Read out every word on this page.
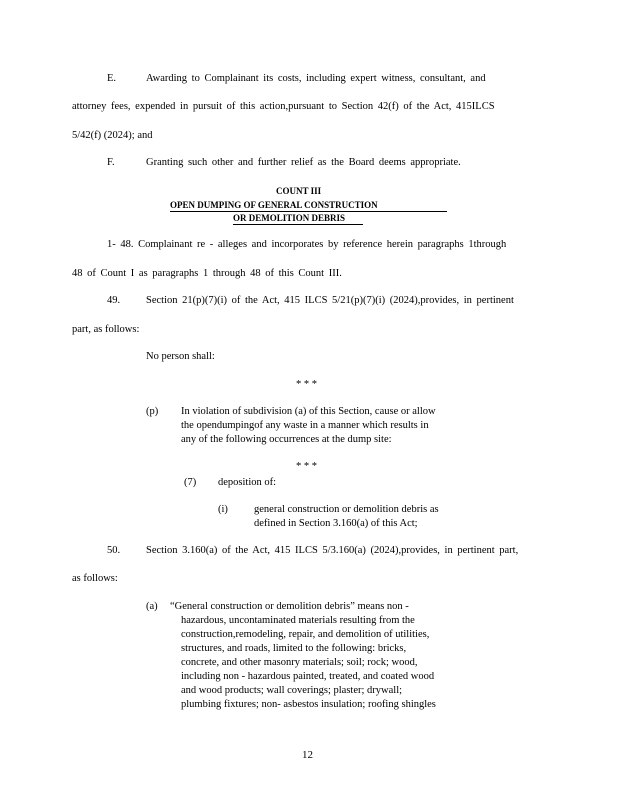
E.	Awarding to Complainant its costs, including expert witness, consultant, and
attorney fees, expended in pursuit of this action,pursuant to Section 42(f) of the Act, 415ILCS
5/42(f) (2024); and
F.	Granting such other and further relief as the Board deems appropriate.
COUNT III
OPEN DUMPING OF GENERAL CONSTRUCTION
OR DEMOLITION DEBRIS
1- 48. Complainant re - alleges and incorporates by reference herein paragraphs 1through
48 of Count I as paragraphs 1 through 48 of this Count III.
49. Section 21(p)(7)(i) of the Act, 415 ILCS 5/21(p)(7)(i) (2024),provides, in pertinent
part, as follows:
No person shall:
* * *
(p) In violation of subdivision (a) of this Section, cause or allow
the opendumpingof any waste in a manner which results in
any of the following occurrences at the dump site:
* * *
(7) deposition of:
(i) general construction or demolition debris as
defined in Section 3.160(a) of this Act;
50. Section 3.160(a) of the Act, 415 ILCS 5/3.160(a) (2024),provides, in pertinent part,
as follows:
(a) “General construction or demolition debris” means non -
hazardous, uncontaminated materials resulting from the
construction,remodeling, repair, and demolition of utilities,
structures, and roads, limited to the following: bricks,
concrete, and other masonry materials; soil; rock; wood,
including non - hazardous painted, treated, and coated wood
and wood products; wall coverings; plaster; drywall;
plumbing fixtures; non- asbestos insulation; roofing shingles
12
